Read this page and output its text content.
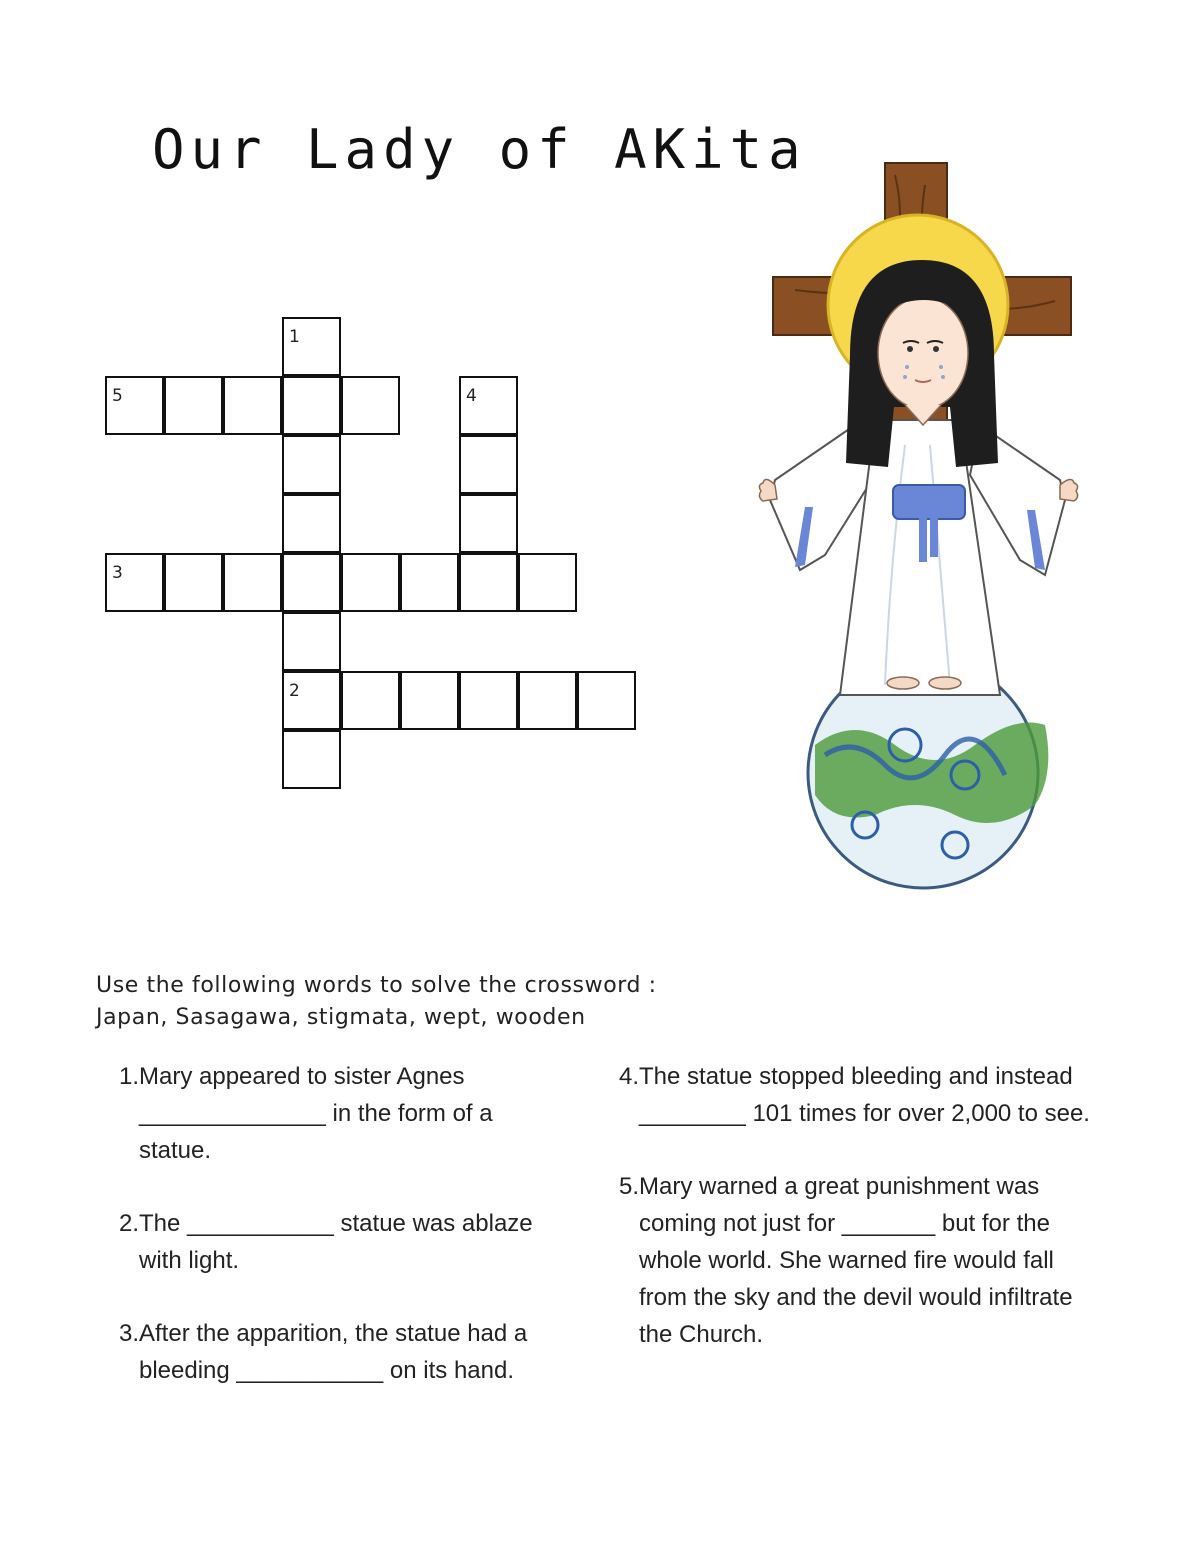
Our Lady of AKita
1
5	4
3
2
Use the following words to solve the crossword :
Japan, Sasagawa, stigmata, wept, wooden
1. Mary appeared to sister Agnes ______________ in the form of a statue.
2. The ___________ statue was ablaze with light.
3. After the apparition, the statue had a bleeding ___________ on its hand.
4. The statue stopped bleeding and instead ________ 101 times for over 2,000 to see.
5. Mary warned a great punishment was coming not just for _______ but for the whole world. She warned fire would fall from the sky and the devil would infiltrate the Church.
